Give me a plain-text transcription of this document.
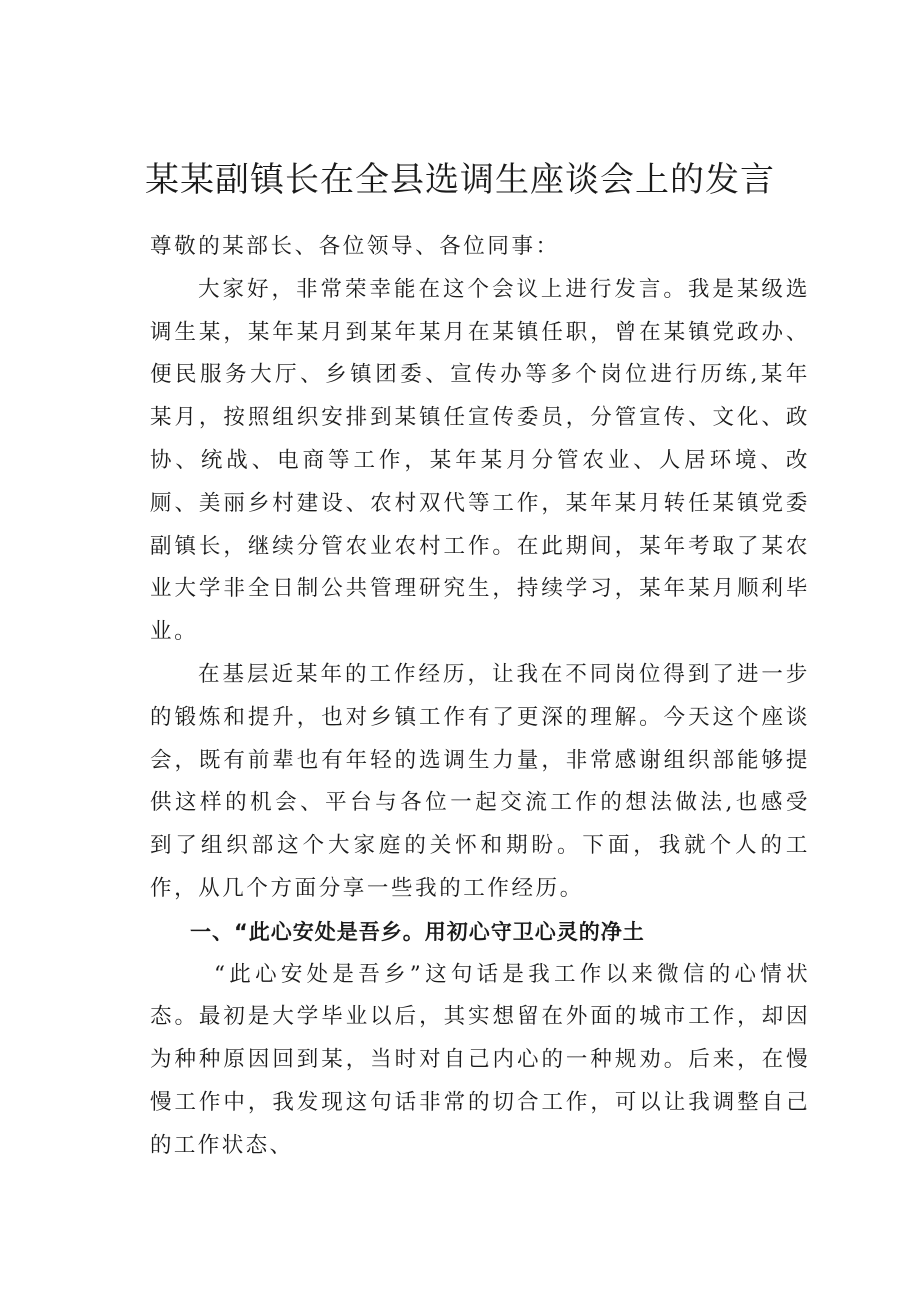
某某副镇长在全县选调生座谈会上的发言

尊敬的某部长、各位领导、各位同事：

大家好，非常荣幸能在这个会议上进行发言。我是某级选调生某，某年某月到某年某月在某镇任职，曾在某镇党政办、便民服务大厅、乡镇团委、宣传办等多个岗位进行历练,某年某月，按照组织安排到某镇任宣传委员，分管宣传、文化、政协、统战、电商等工作，某年某月分管农业、人居环境、改厕、美丽乡村建设、农村双代等工作，某年某月转任某镇党委副镇长，继续分管农业农村工作。在此期间，某年考取了某农业大学非全日制公共管理研究生，持续学习，某年某月顺利毕业。

在基层近某年的工作经历，让我在不同岗位得到了进一步的锻炼和提升，也对乡镇工作有了更深的理解。今天这个座谈会，既有前辈也有年轻的选调生力量，非常感谢组织部能够提供这样的机会、平台与各位一起交流工作的想法做法,也感受到了组织部这个大家庭的关怀和期盼。下面，我就个人的工作，从几个方面分享一些我的工作经历。

一、“此心安处是吾乡。用初心守卫心灵的净土

“此心安处是吾乡”这句话是我工作以来微信的心情状态。最初是大学毕业以后，其实想留在外面的城市工作，却因为种种原因回到某，当时对自己内心的一种规劝。后来，在慢慢工作中，我发现这句话非常的切合工作，可以让我调整自己的工作状态、
